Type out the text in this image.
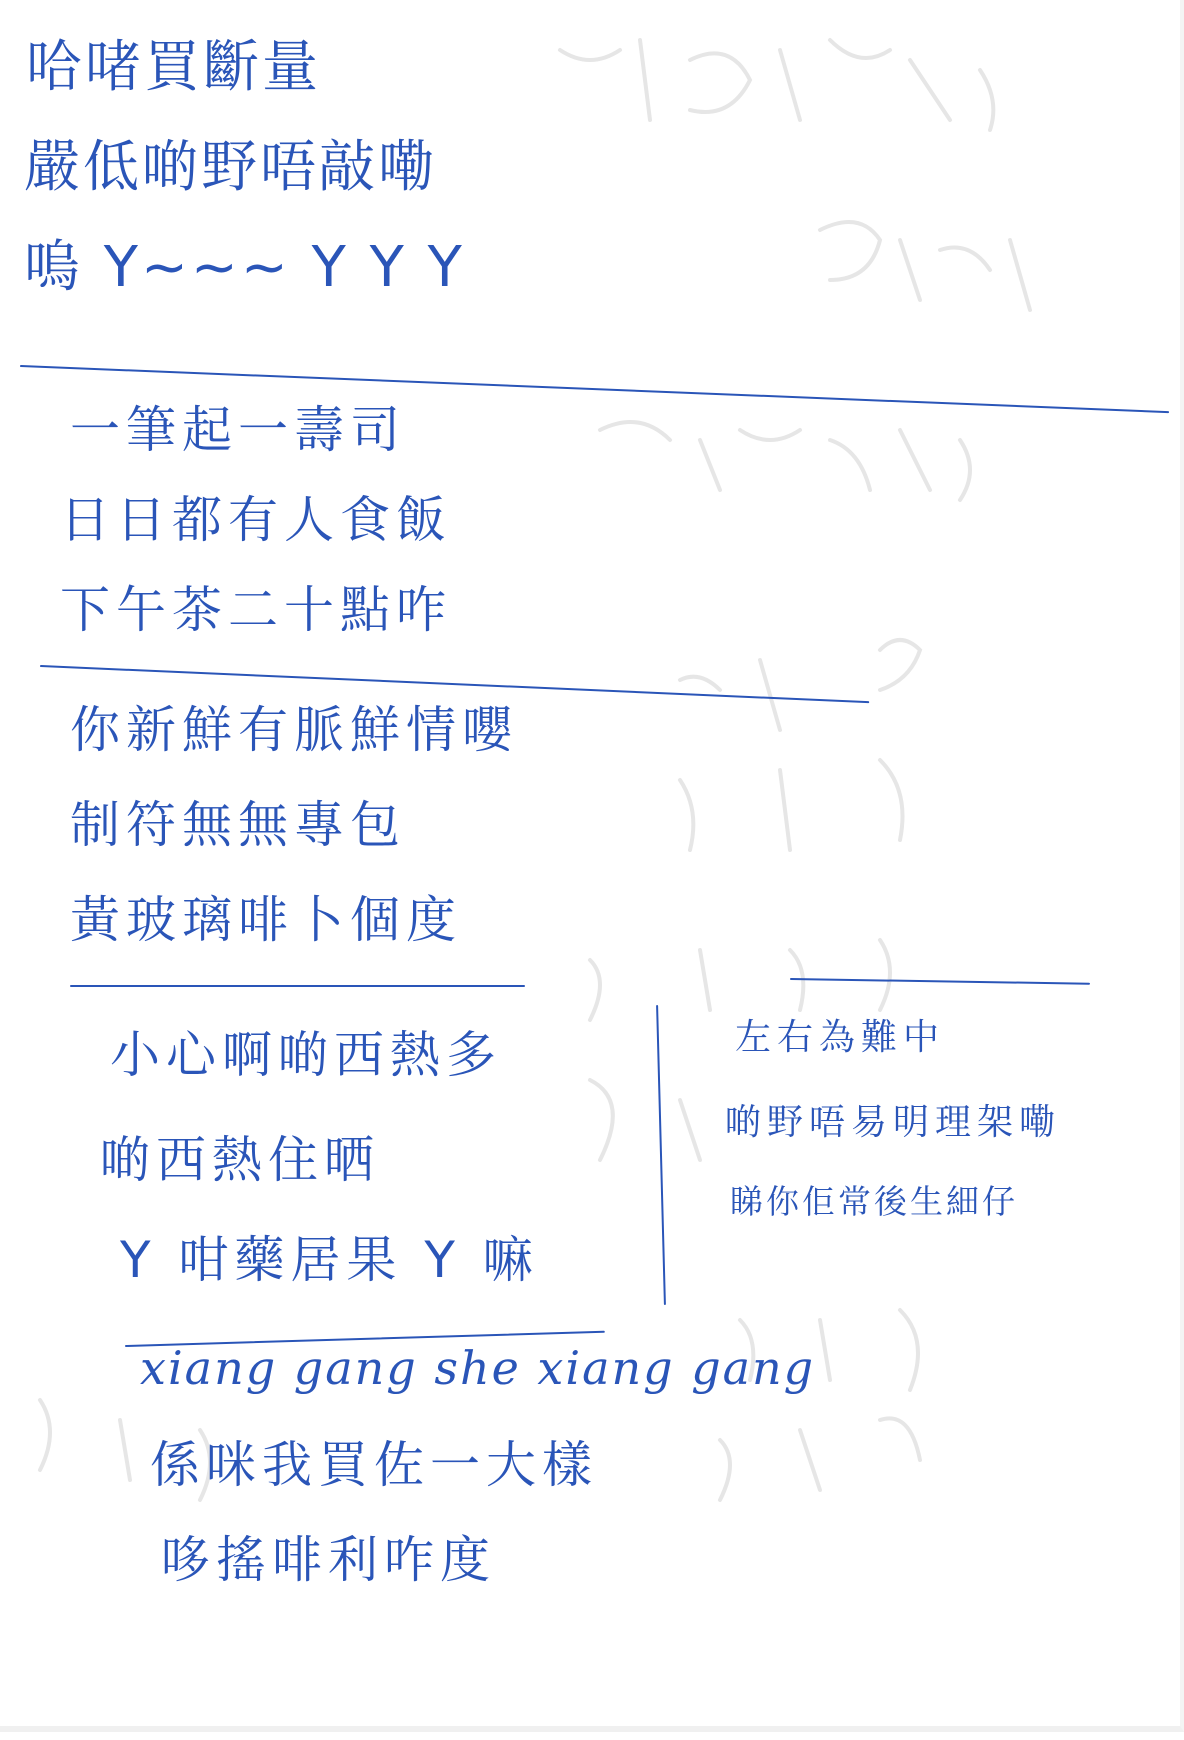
哈啫買斷量

嚴低啲野唔敲嘞

嗚 Y~~~ Y Y Y

一筆起一壽司

日日都有人食飯

下午茶二十點咋

你新鮮有脈鮮情嚶

制符無無專包

黃玻璃啡卜個度

小心啊啲西熱多

啲西熱住晒

Y 咁藥居果 Y 嘛

左右為難中

啲野唔易明理架嘞

睇你佢常後生細仔

xiang gang she xiang gang

係咪我買佐一大樣

哆搖啡利咋度
